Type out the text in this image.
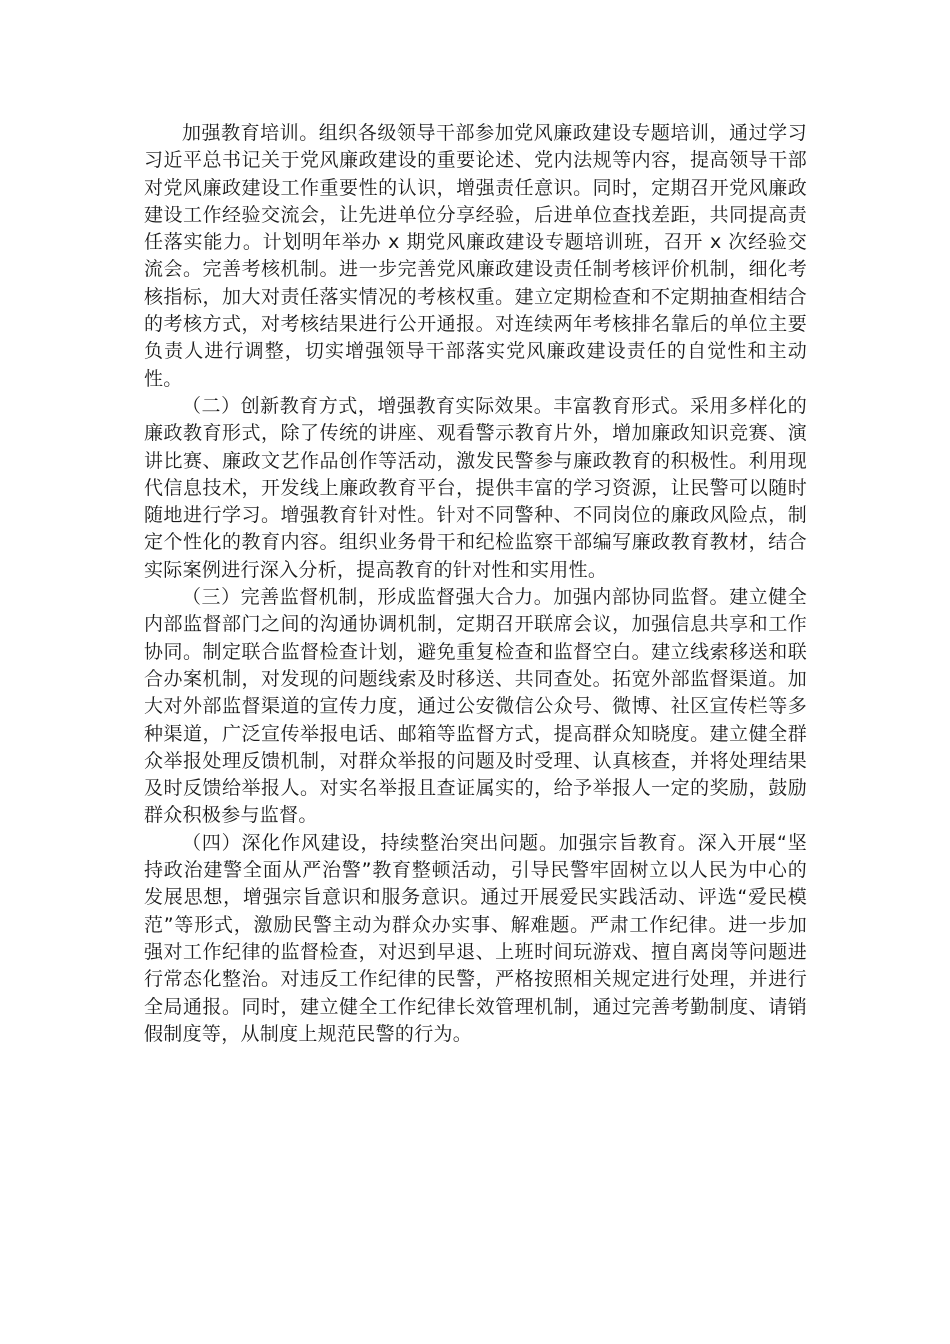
加强教育培训。组织各级领导干部参加党风廉政建设专题培训，通过学习习近平总书记关于党风廉政建设的重要论述、党内法规等内容，提高领导干部对党风廉政建设工作重要性的认识，增强责任意识。同时，定期召开党风廉政建设工作经验交流会，让先进单位分享经验，后进单位查找差距，共同提高责任落实能力。计划明年举办 x 期党风廉政建设专题培训班，召开 x 次经验交流会。完善考核机制。进一步完善党风廉政建设责任制考核评价机制，细化考核指标，加大对责任落实情况的考核权重。建立定期检查和不定期抽查相结合的考核方式，对考核结果进行公开通报。对连续两年考核排名靠后的单位主要负责人进行调整，切实增强领导干部落实党风廉政建设责任的自觉性和主动性。

（二）创新教育方式，增强教育实际效果。丰富教育形式。采用多样化的廉政教育形式，除了传统的讲座、观看警示教育片外，增加廉政知识竞赛、演讲比赛、廉政文艺作品创作等活动，激发民警参与廉政教育的积极性。利用现代信息技术，开发线上廉政教育平台，提供丰富的学习资源，让民警可以随时随地进行学习。增强教育针对性。针对不同警种、不同岗位的廉政风险点，制定个性化的教育内容。组织业务骨干和纪检监察干部编写廉政教育教材，结合实际案例进行深入分析，提高教育的针对性和实用性。

（三）完善监督机制，形成监督强大合力。加强内部协同监督。建立健全内部监督部门之间的沟通协调机制，定期召开联席会议，加强信息共享和工作协同。制定联合监督检查计划，避免重复检查和监督空白。建立线索移送和联合办案机制，对发现的问题线索及时移送、共同查处。拓宽外部监督渠道。加大对外部监督渠道的宣传力度，通过公安微信公众号、微博、社区宣传栏等多种渠道，广泛宣传举报电话、邮箱等监督方式，提高群众知晓度。建立健全群众举报处理反馈机制，对群众举报的问题及时受理、认真核查，并将处理结果及时反馈给举报人。对实名举报且查证属实的，给予举报人一定的奖励，鼓励群众积极参与监督。

（四）深化作风建设，持续整治突出问题。加强宗旨教育。深入开展“坚持政治建警全面从严治警”教育整顿活动，引导民警牢固树立以人民为中心的发展思想，增强宗旨意识和服务意识。通过开展爱民实践活动、评选“爱民模范”等形式，激励民警主动为群众办实事、解难题。严肃工作纪律。进一步加强对工作纪律的监督检查，对迟到早退、上班时间玩游戏、擅自离岗等问题进行常态化整治。对违反工作纪律的民警，严格按照相关规定进行处理，并进行全局通报。同时，建立健全工作纪律长效管理机制，通过完善考勤制度、请销假制度等，从制度上规范民警的行为。
